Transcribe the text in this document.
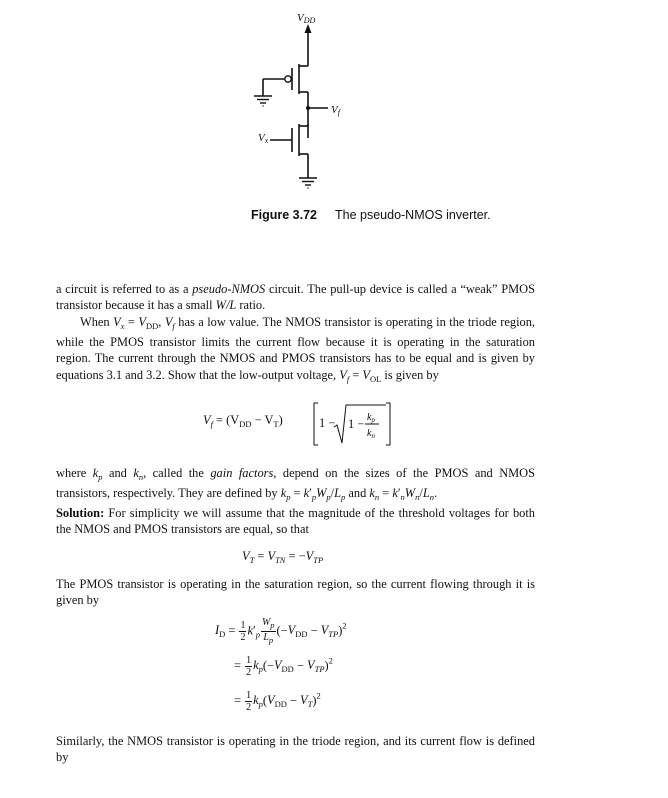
VDD
Vf
Vx
Figure 3.72 The pseudo-NMOS inverter.
a circuit is referred to as a pseudo-NMOS circuit. The pull-up device is called a “weak” PMOS transistor because it has a small W/L ratio.
When $V_x = V_{DD}$, $V_f$ has a low value. The NMOS transistor is operating in the triode region, while the PMOS transistor limits the current flow because it is operating in the saturation region. The current through the NMOS and PMOS transistors has to be equal and is given by equations 3.1 and 3.2. Show that the low-output voltage, $V_f = V_{OL}$ is given by
$V_f = (V_{DD} - V_T)$	$1 - 1 - k_p$
$k_n$
where $k_p$ and $k_n$, called the gain factors, depend on the sizes of the PMOS and NMOS transistors, respectively. They are defined by $k_p = k'_pW_p/L_p$ and $k_n = k'_nW_n/L_n$.
Solution: For simplicity we will assume that the magnitude of the threshold voltages for both the NMOS and PMOS transistors are equal, so that
$V_T = V_{TN} = -V_{TP}$
The PMOS transistor is operating in the saturation region, so the current flowing through it is given by
$I_D = \frac{1}{2} k'_p \frac{W_p}{L_p} (-V_{DD} - V_{TP})^2$
= $\frac{1}{2} k_p(-V_{DD} - V_{TP})^2$
= $\frac{1}{2} k_p(V_{DD} - V_T)^2$
Similarly, the NMOS transistor is operating in the triode region, and its current flow is defined by
